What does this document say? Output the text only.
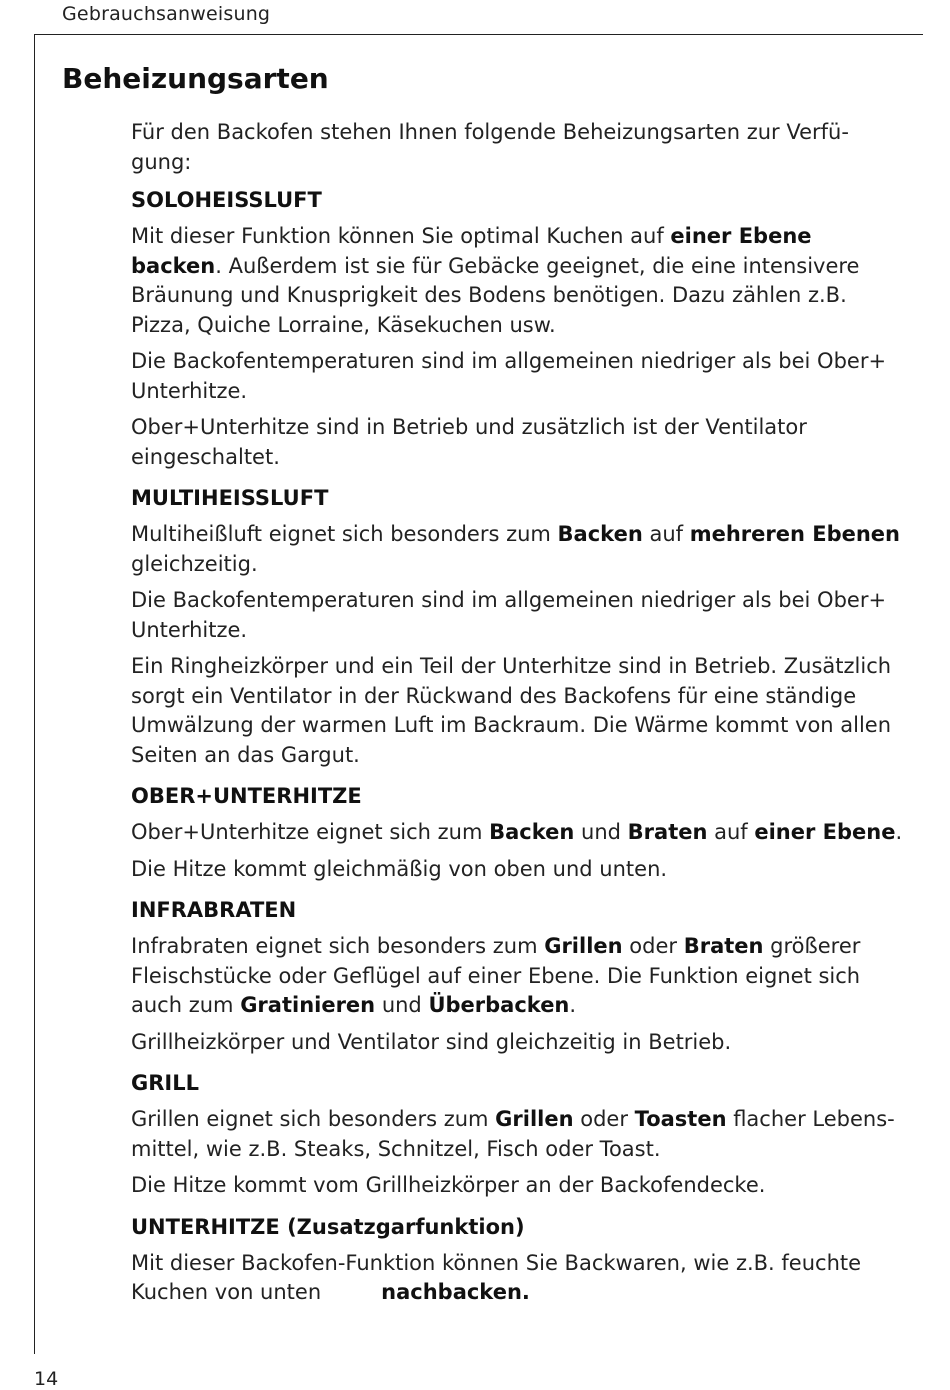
Gebrauchsanweisung
Beheizungsarten

Für den Backofen stehen Ihnen folgende Beheizungsarten zur Verfü-
gung:

SOLOHEISSLUFT

Mit dieser Funktion können Sie optimal Kuchen auf einer Ebene backen. Außerdem ist sie für Gebäcke geeignet, die eine intensivere Bräunung und Knusprigkeit des Bodens benötigen. Dazu zählen z.B. Pizza, Quiche Lorraine, Käsekuchen usw.

Die Backofentemperaturen sind im allgemeinen niedriger als bei Ober+ Unterhitze.

Ober+Unterhitze sind in Betrieb und zusätzlich ist der Ventilator eingeschaltet.

MULTIHEISSLUFT

Multiheißluft eignet sich besonders zum Backen auf mehreren Ebenen gleichzeitig.

Die Backofentemperaturen sind im allgemeinen niedriger als bei Ober+ Unterhitze.

Ein Ringheizkörper und ein Teil der Unterhitze sind in Betrieb. Zusätzlich sorgt ein Ventilator in der Rückwand des Backofens für eine ständige Umwälzung der warmen Luft im Backraum. Die Wärme kommt von allen Seiten an das Gargut.

OBER+UNTERHITZE

Ober+Unterhitze eignet sich zum Backen und Braten auf einer Ebene.

Die Hitze kommt gleichmäßig von oben und unten.

INFRABRATEN

Infrabraten eignet sich besonders zum Grillen oder Braten größerer Fleischstücke oder Geflügel auf einer Ebene. Die Funktion eignet sich auch zum Gratinieren und Überbacken.

Grillheizkörper und Ventilator sind gleichzeitig in Betrieb.

GRILL

Grillen eignet sich besonders zum Grillen oder Toasten flacher Lebens-mittel, wie z.B. Steaks, Schnitzel, Fisch oder Toast.

Die Hitze kommt vom Grillheizkörper an der Backofendecke.

UNTERHITZE (Zusatzgarfunktion)

Mit dieser Backofen-Funktion können Sie Backwaren, wie z.B. feuchte Kuchen von unten	nachbacken.

14
